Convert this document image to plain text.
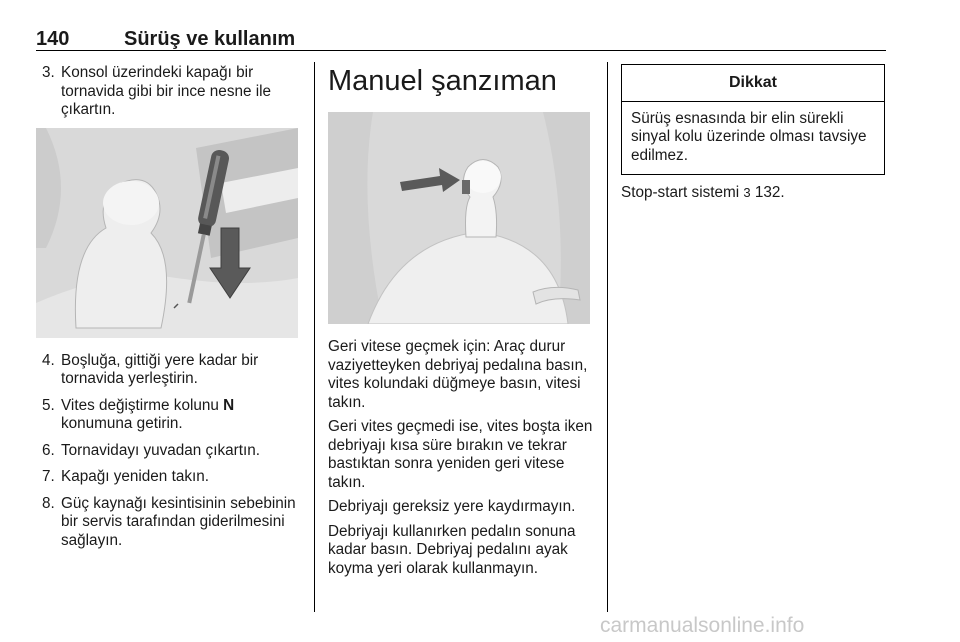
140	Sürüş ve kullanım
3. Konsol üzerindeki kapağı bir tornavida gibi bir ince nesne ile çıkartın.
4. Boşluğa, gittiği yere kadar bir tornavida yerleştirin.
5. Vites değiştirme kolunu N
konumuna getirin.
6. Tornavidayı yuvadan çıkartın.
7. Kapağı yeniden takın.
8. Güç kaynağı kesintisinin sebebinin bir servis tarafından giderilmesini sağlayın.
Manuel şanzıman

Geri vitese geçmek için: Araç durur vaziyetteyken debriyaj pedalına basın, vites kolundaki düğmeye basın, vitesi takın.

Geri vites geçmedi ise, vites boşta iken debriyajı kısa süre bırakın ve tekrar bastıktan sonra yeniden geri vitese takın.

Debriyajı gereksiz yere kaydırmayın.

Debriyajı kullanırken pedalın sonuna kadar basın. Debriyaj pedalını ayak koyma yeri olarak kullanmayın.

Dikkat
Sürüş esnasında bir elin sürekli sinyal kolu üzerinde olması tavsiye edilmez.

Stop-start sistemi 3 132.

carmanualsonline.info
